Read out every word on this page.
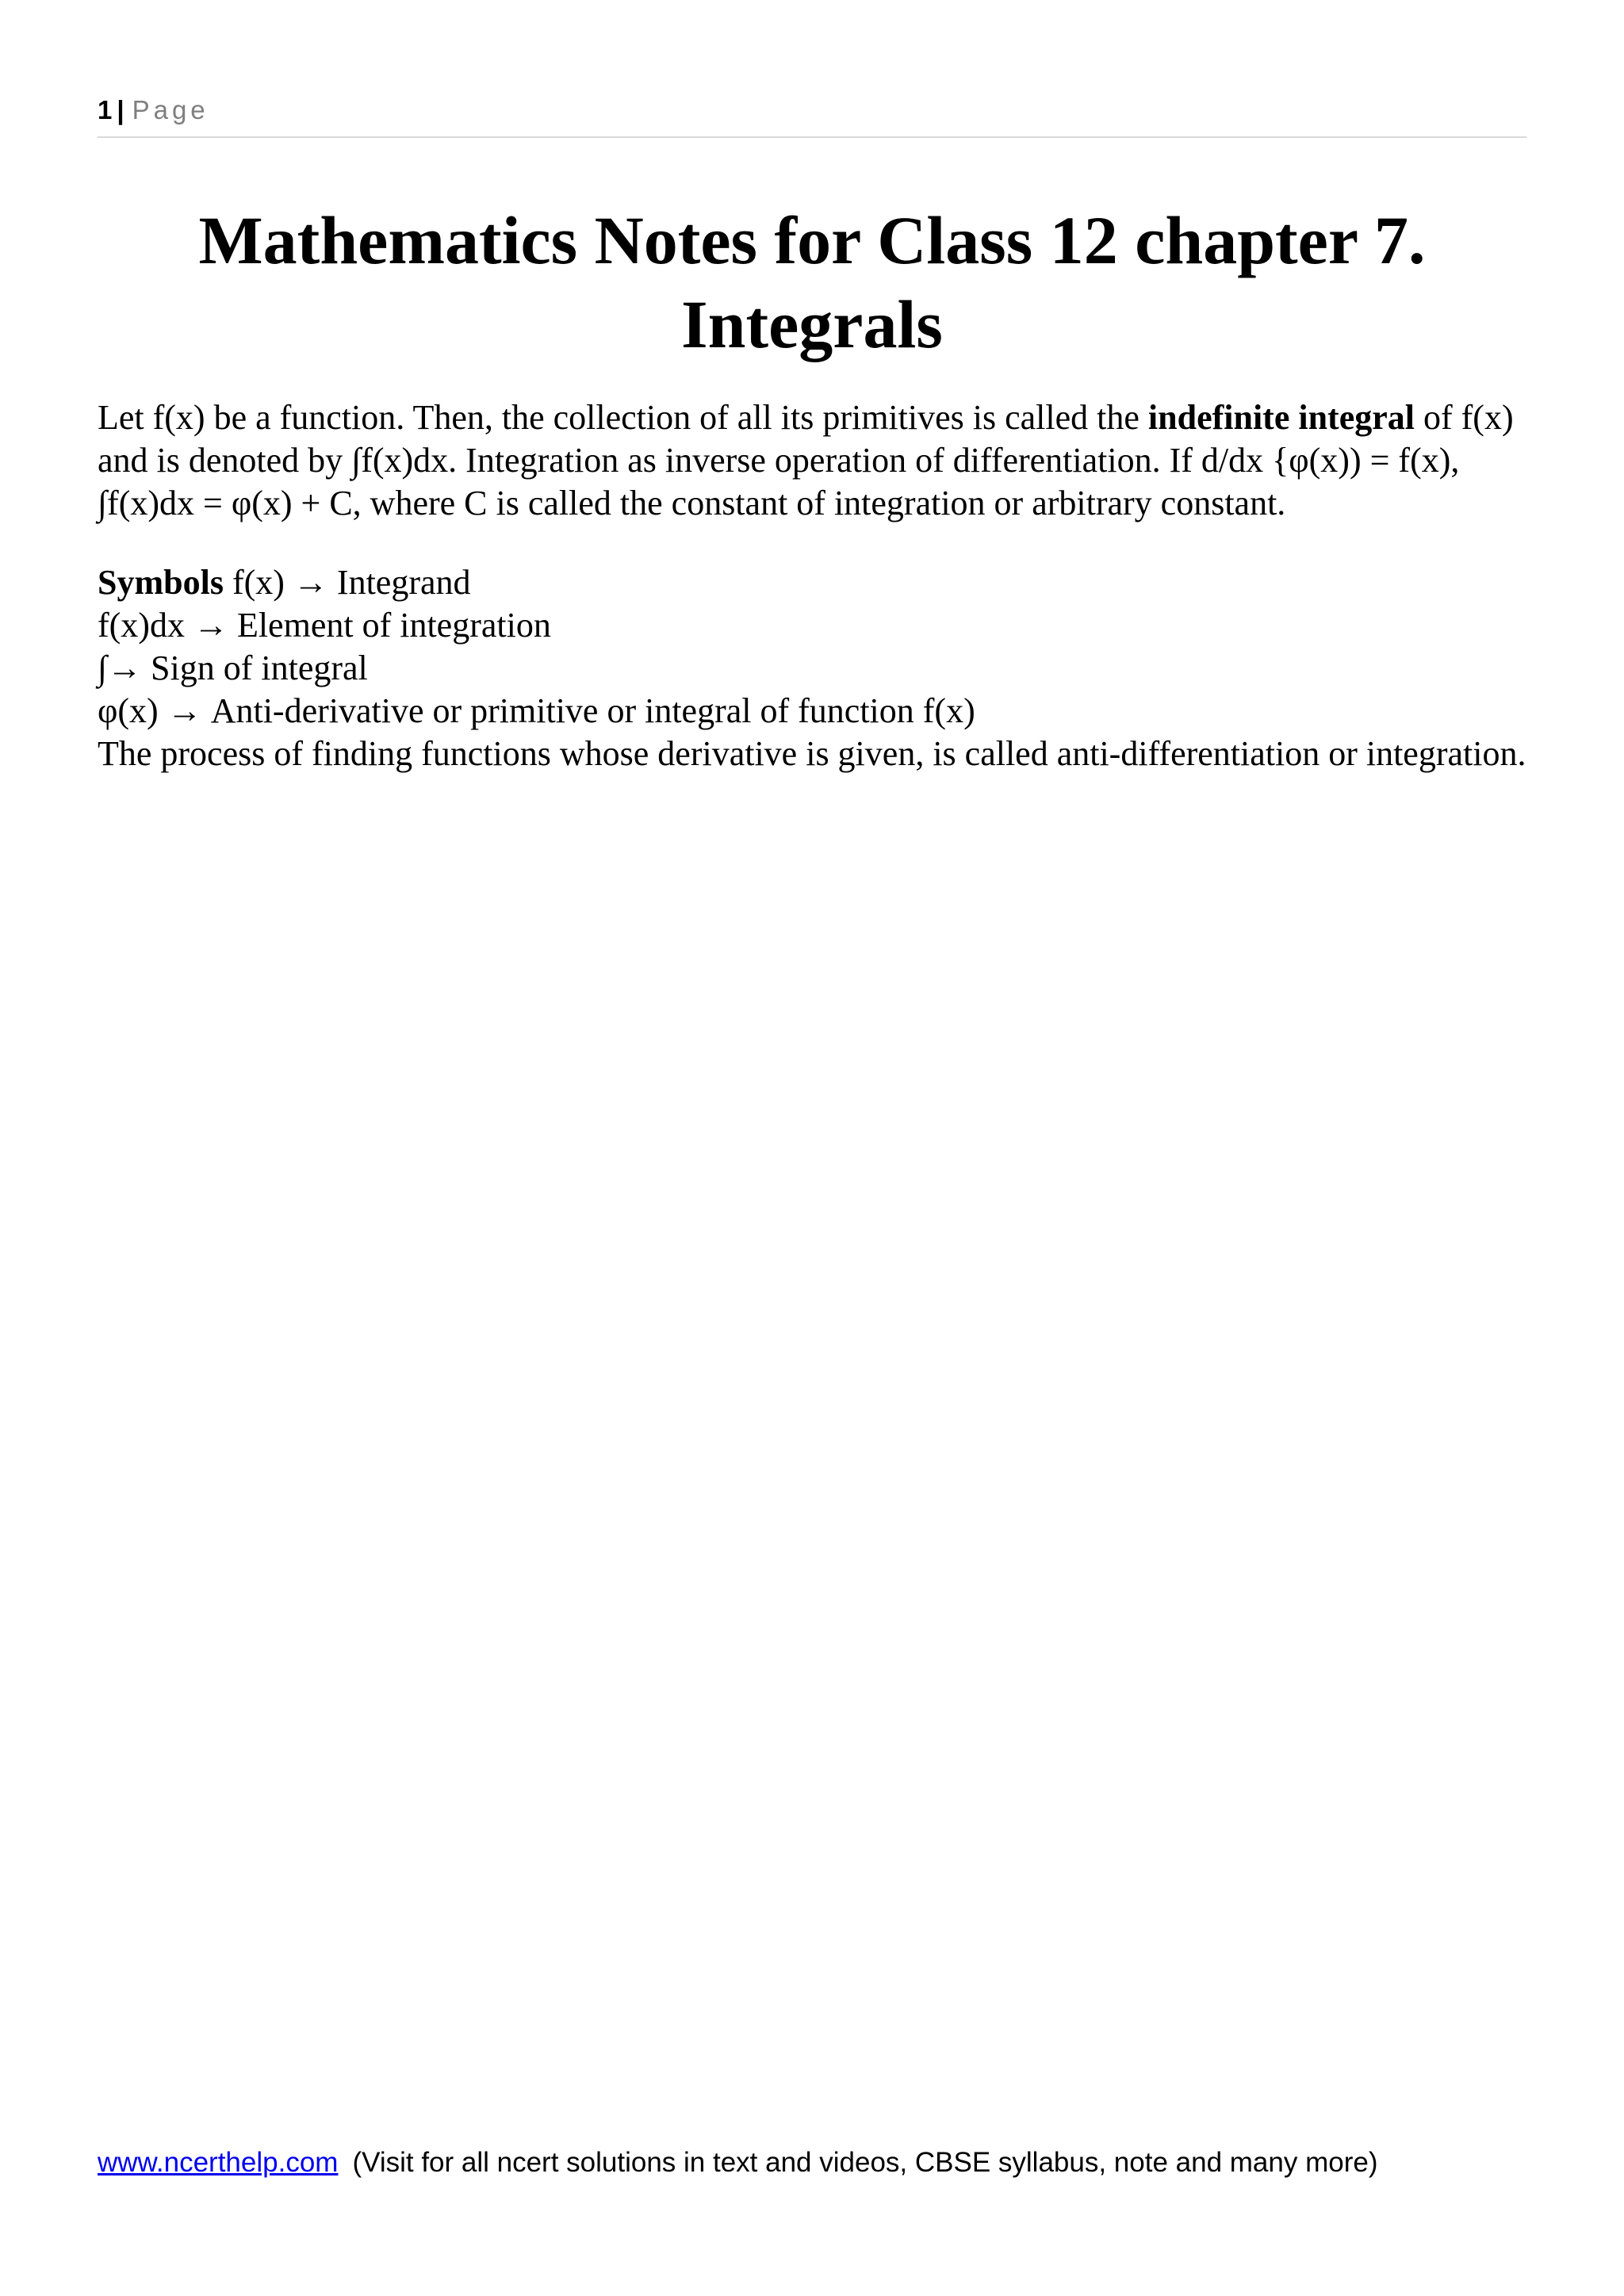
1 | Page
Mathematics Notes for Class 12 chapter 7. Integrals

Let f(x) be a function. Then, the collection of all its primitives is called the indefinite integral of f(x) and is denoted by ∫f(x)dx. Integration as inverse operation of differentiation. If d/dx {φ(x)) = f(x), ∫f(x)dx = φ(x) + C, where C is called the constant of integration or arbitrary constant.

Symbols f(x) → Integrand

f(x)dx → Element of integration

∫→ Sign of integral

φ(x) → Anti-derivative or primitive or integral of function f(x)

The process of finding functions whose derivative is given, is called anti-differentiation or integration.

www.ncerthelp.com (Visit for all ncert solutions in text and videos, CBSE syllabus, note and many more)
